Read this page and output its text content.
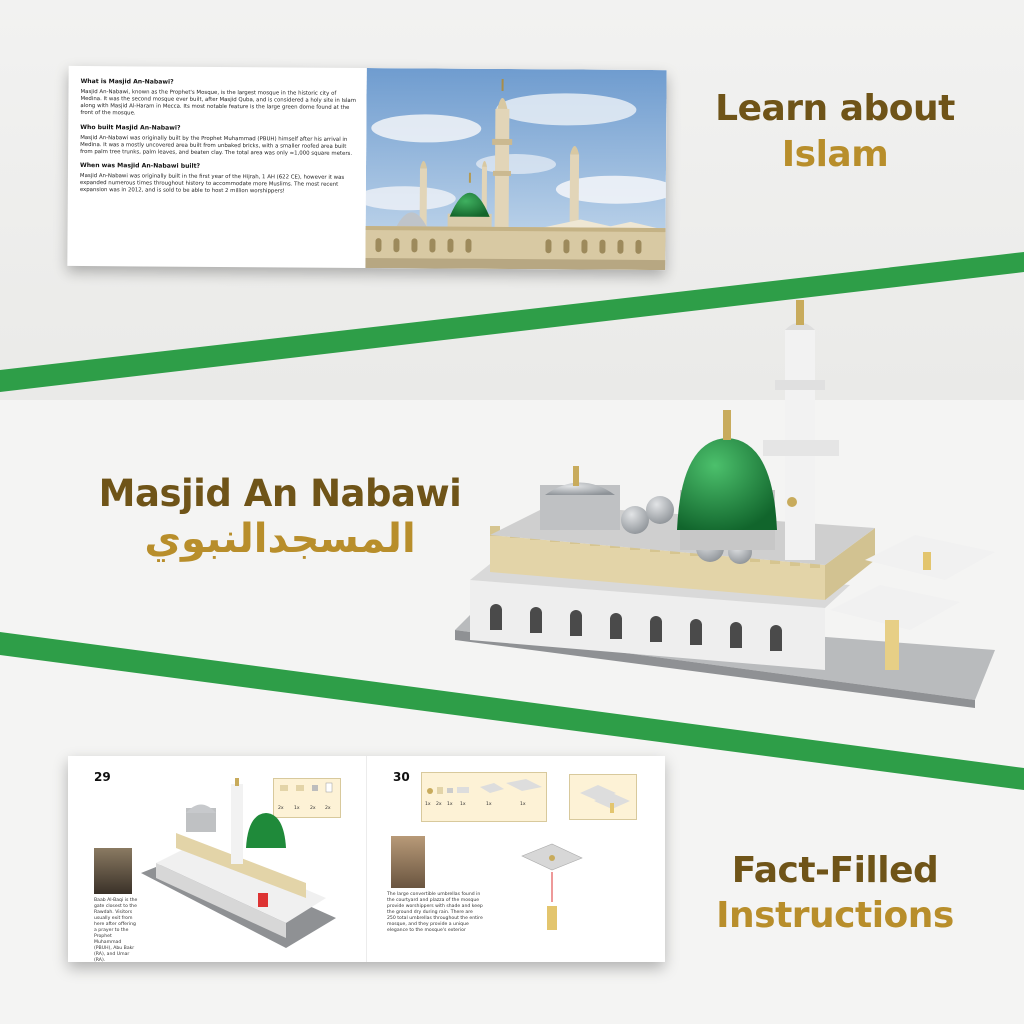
What is Masjid An-Nabawi?
Masjid An-Nabawi, known as the Prophet's Mosque, is the largest mosque in the historic city of Medina. It was the second mosque ever built, after Masjid Quba, and is considered a holy site in Islam along with Masjid Al-Haram in Mecca. Its most notable feature is the large green dome found at the front of the mosque.
Who built Masjid An-Nabawi?
Masjid An-Nabawi was originally built by the Prophet Muhammad (PBUH) himself after his arrival in Medina. It was a mostly uncovered area built from unbaked bricks, with a smaller roofed area built from palm tree trunks, palm leaves, and beaten clay. The total area was only ≈1,000 square meters.
When was Masjid An-Nabawi built?
Masjid An-Nabawi was originally built in the first year of the Hijrah, 1 AH (622 CE), however it was expanded numerous times throughout history to accommodate more Muslims. The most recent expansion was in 2012, and is sold to be able to host 2 million worshippers!
Learn about
Islam
Masjid An Nabawi
المسجدالنبوي
29
2x 1x 2x 2x
Baab Al-Baqi is the gate closest to the Rawdah. Visitors usually exit from here after offering a prayer to the Prophet Muhammad (PBUH), Abu Bakr (RA), and Umar (RA).
30
1x 2x 1x 1x	1x	1x
The large convertible umbrellas found in the courtyard and plazza of the mosque provide worshippers with shade and keep the ground dry during rain. There are 250 total umbrellas throughout the entire mosque, and they provide a unique elegance to the mosque's exterior
Fact-Filled
Instructions
